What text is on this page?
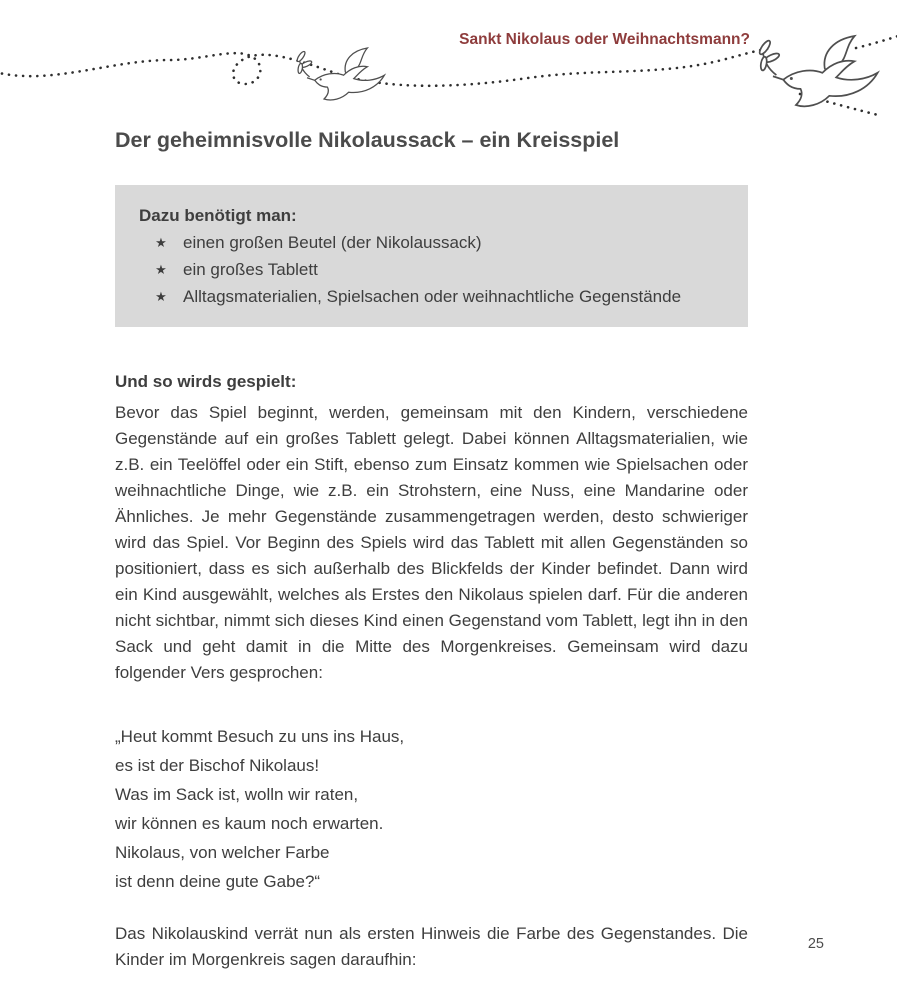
Sankt Nikolaus oder Weihnachtsmann?
Der geheimnisvolle Nikolaussack – ein Kreisspiel
Dazu benötigt man:
★ einen großen Beutel (der Nikolaussack)
★ ein großes Tablett
★ Alltagsmaterialien, Spielsachen oder weihnachtliche Gegenstände
Und so wirds gespielt:

Bevor das Spiel beginnt, werden, gemeinsam mit den Kindern, verschiedene Gegenstände auf ein großes Tablett gelegt. Dabei können Alltagsmaterialien, wie z.B. ein Teelöffel oder ein Stift, ebenso zum Einsatz kommen wie Spielsachen oder weihnachtliche Dinge, wie z.B. ein Strohstern, eine Nuss, eine Mandarine oder Ähnliches. Je mehr Gegenstände zusammengetragen werden, desto schwieriger wird das Spiel. Vor Beginn des Spiels wird das Tablett mit allen Gegenständen so positioniert, dass es sich außerhalb des Blickfelds der Kinder befindet. Dann wird ein Kind ausgewählt, welches als Erstes den Nikolaus spielen darf. Für die anderen nicht sichtbar, nimmt sich dieses Kind einen Gegenstand vom Tablett, legt ihn in den Sack und geht damit in die Mitte des Morgenkreises. Gemeinsam wird dazu folgender Vers gesprochen:

„Heut kommt Besuch zu uns ins Haus,
es ist der Bischof Nikolaus!
Was im Sack ist, wolln wir raten,
wir können es kaum noch erwarten.
Nikolaus, von welcher Farbe
ist denn deine gute Gabe?“

Das Nikolauskind verrät nun als ersten Hinweis die Farbe des Gegenstandes. Die Kinder im Morgenkreis sagen daraufhin:

25
